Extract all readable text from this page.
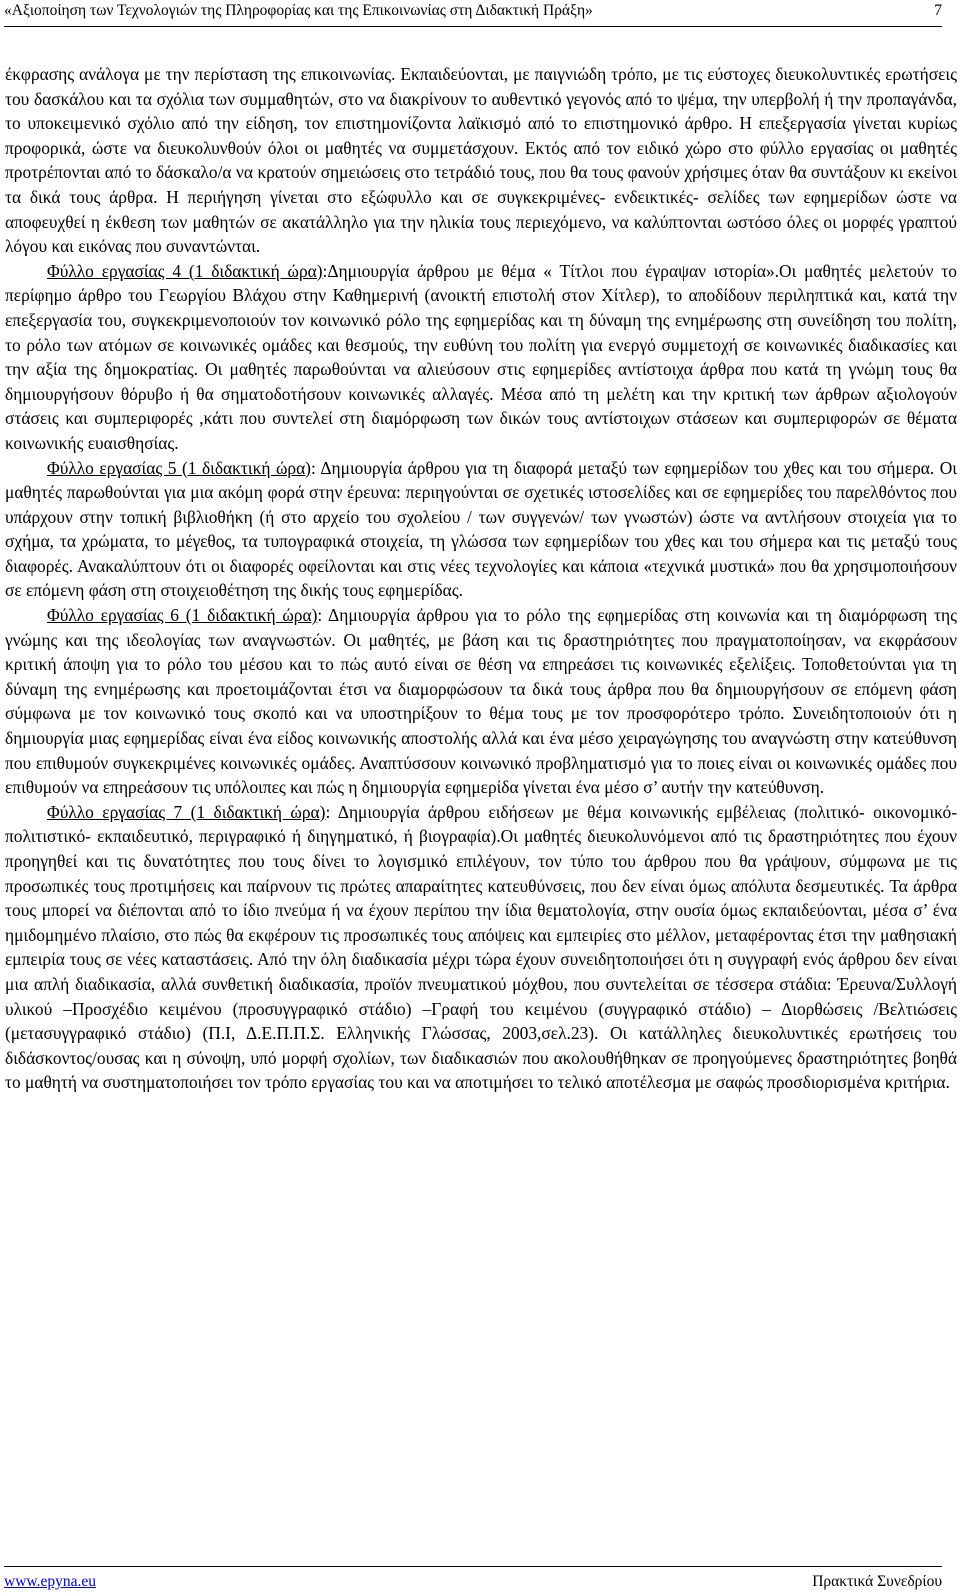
«Αξιοποίηση των Τεχνολογιών της Πληροφορίας και της Επικοινωνίας στη Διδακτική Πράξη»	7

έκφρασης ανάλογα με την περίσταση της επικοινωνίας. Εκπαιδεύονται, με παιγνιώδη τρόπο, με τις εύστοχες διευκολυντικές ερωτήσεις του δασκάλου και τα σχόλια των συμμαθητών, στο να διακρίνουν το αυθεντικό γεγονός από το ψέμα, την υπερβολή ή την προπαγάνδα, το υποκειμενικό σχόλιο από την είδηση, τον επιστημονίζοντα λαϊκισμό από το επιστημονικό άρθρο. Η επεξεργασία γίνεται κυρίως προφορικά, ώστε να διευκολυνθούν όλοι οι μαθητές να συμμετάσχουν. Εκτός από τον ειδικό χώρο στο φύλλο εργασίας οι μαθητές προτρέπονται από το δάσκαλο/α να κρατούν σημειώσεις στο τετράδιό τους, που θα τους φανούν χρήσιμες όταν θα συντάξουν κι εκείνοι τα δικά τους άρθρα. Η περιήγηση γίνεται στο εξώφυλλο και σε συγκεκριμένες- ενδεικτικές- σελίδες των εφημερίδων ώστε να αποφευχθεί η έκθεση των μαθητών σε ακατάλληλο για την ηλικία τους περιεχόμενο, να καλύπτονται ωστόσο όλες οι μορφές γραπτού λόγου και εικόνας που συναντώνται.

Φύλλο εργασίας 4 (1 διδακτική ώρα):Δημιουργία άρθρου με θέμα « Τίτλοι που έγραψαν ιστορία».Οι μαθητές μελετούν το περίφημο άρθρο του Γεωργίου Βλάχου στην Καθημερινή (ανοικτή επιστολή στον Χίτλερ), το αποδίδουν περιληπτικά και, κατά την επεξεργασία του, συγκεκριμενοποιούν τον κοινωνικό ρόλο της εφημερίδας και τη δύναμη της ενημέρωσης στη συνείδηση του πολίτη, το ρόλο των ατόμων σε κοινωνικές ομάδες και θεσμούς, την ευθύνη του πολίτη για ενεργό συμμετοχή σε κοινωνικές διαδικασίες και την αξία της δημοκρατίας. Οι μαθητές παρωθούνται να αλιεύσουν στις εφημερίδες αντίστοιχα άρθρα που κατά τη γνώμη τους θα δημιουργήσουν θόρυβο ή θα σηματοδοτήσουν κοινωνικές αλλαγές. Μέσα από τη μελέτη και την κριτική των άρθρων αξιολογούν στάσεις και συμπεριφορές ,κάτι που συντελεί στη διαμόρφωση των δικών τους αντίστοιχων στάσεων και συμπεριφορών σε θέματα κοινωνικής ευαισθησίας.

Φύλλο εργασίας 5 (1 διδακτική ώρα): Δημιουργία άρθρου για τη διαφορά μεταξύ των εφημερίδων του χθες και του σήμερα. Οι μαθητές παρωθούνται για μια ακόμη φορά στην έρευνα: περιηγούνται σε σχετικές ιστοσελίδες και σε εφημερίδες του παρελθόντος που υπάρχουν στην τοπική βιβλιοθήκη (ή στο αρχείο του σχολείου / των συγγενών/ των γνωστών) ώστε να αντλήσουν στοιχεία για το σχήμα, τα χρώματα, το μέγεθος, τα τυπογραφικά στοιχεία, τη γλώσσα των εφημερίδων του χθες και του σήμερα και τις μεταξύ τους διαφορές. Ανακαλύπτουν ότι οι διαφορές οφείλονται και στις νέες τεχνολογίες και κάποια «τεχνικά μυστικά» που θα χρησιμοποιήσουν σε επόμενη φάση στη στοιχειοθέτηση της δικής τους εφημερίδας.

Φύλλο εργασίας 6 (1 διδακτική ώρα): Δημιουργία άρθρου για το ρόλο της εφημερίδας στη κοινωνία και τη διαμόρφωση της γνώμης και της ιδεολογίας των αναγνωστών. Οι μαθητές, με βάση και τις δραστηριότητες που πραγματοποίησαν, να εκφράσουν κριτική άποψη για το ρόλο του μέσου και το πώς αυτό είναι σε θέση να επηρεάσει τις κοινωνικές εξελίξεις. Τοποθετούνται για τη δύναμη της ενημέρωσης και προετοιμάζονται έτσι να διαμορφώσουν τα δικά τους άρθρα που θα δημιουργήσουν σε επόμενη φάση σύμφωνα με τον κοινωνικό τους σκοπό και να υποστηρίξουν το θέμα τους με τον προσφορότερο τρόπο. Συνειδητοποιούν ότι η δημιουργία μιας εφημερίδας είναι ένα είδος κοινωνικής αποστολής αλλά και ένα μέσο χειραγώγησης του αναγνώστη στην κατεύθυνση που επιθυμούν συγκεκριμένες κοινωνικές ομάδες. Αναπτύσσουν κοινωνικό προβληματισμό για το ποιες είναι οι κοινωνικές ομάδες που επιθυμούν να επηρεάσουν τις υπόλοιπες και πώς η δημιουργία εφημερίδα γίνεται ένα μέσο σ’ αυτήν την κατεύθυνση.

Φύλλο εργασίας 7 (1 διδακτική ώρα): Δημιουργία άρθρου ειδήσεων με θέμα κοινωνικής εμβέλειας (πολιτικό- οικονομικό- πολιτιστικό- εκπαιδευτικό, περιγραφικό ή διηγηματικό, ή βιογραφία).Οι μαθητές διευκολυνόμενοι από τις δραστηριότητες που έχουν προηγηθεί και τις δυνατότητες που τους δίνει το λογισμικό επιλέγουν, τον τύπο του άρθρου που θα γράψουν, σύμφωνα με τις προσωπικές τους προτιμήσεις και παίρνουν τις πρώτες απαραίτητες κατευθύνσεις, που δεν είναι όμως απόλυτα δεσμευτικές. Τα άρθρα τους μπορεί να διέπονται από το ίδιο πνεύμα ή να έχουν περίπου την ίδια θεματολογία, στην ουσία όμως εκπαιδεύονται, μέσα σ’ ένα ημιδομημένο πλαίσιο, στο πώς θα εκφέρουν τις προσωπικές τους απόψεις και εμπειρίες στο μέλλον, μεταφέροντας έτσι την μαθησιακή εμπειρία τους σε νέες καταστάσεις. Από την όλη διαδικασία μέχρι τώρα έχουν συνειδητοποιήσει ότι η συγγραφή ενός άρθρου δεν είναι μια απλή διαδικασία, αλλά συνθετική διαδικασία, προϊόν πνευματικού μόχθου, που συντελείται σε τέσσερα στάδια: Έρευνα/Συλλογή υλικού –Προσχέδιο κειμένου (προσυγγραφικό στάδιο) –Γραφή του κειμένου (συγγραφικό στάδιο) – Διορθώσεις /Βελτιώσεις (μετασυγγραφικό στάδιο) (Π.Ι, Δ.Ε.Π.Π.Σ. Ελληνικής Γλώσσας, 2003,σελ.23). Οι κατάλληλες διευκολυντικές ερωτήσεις του διδάσκοντος/ουσας και η σύνοψη, υπό μορφή σχολίων, των διαδικασιών που ακολουθήθηκαν σε προηγούμενες δραστηριότητες βοηθά το μαθητή να συστηματοποιήσει τον τρόπο εργασίας του και να αποτιμήσει το τελικό αποτέλεσμα με σαφώς προσδιορισμένα κριτήρια.

www.epyna.eu	Πρακτικά Συνεδρίου
